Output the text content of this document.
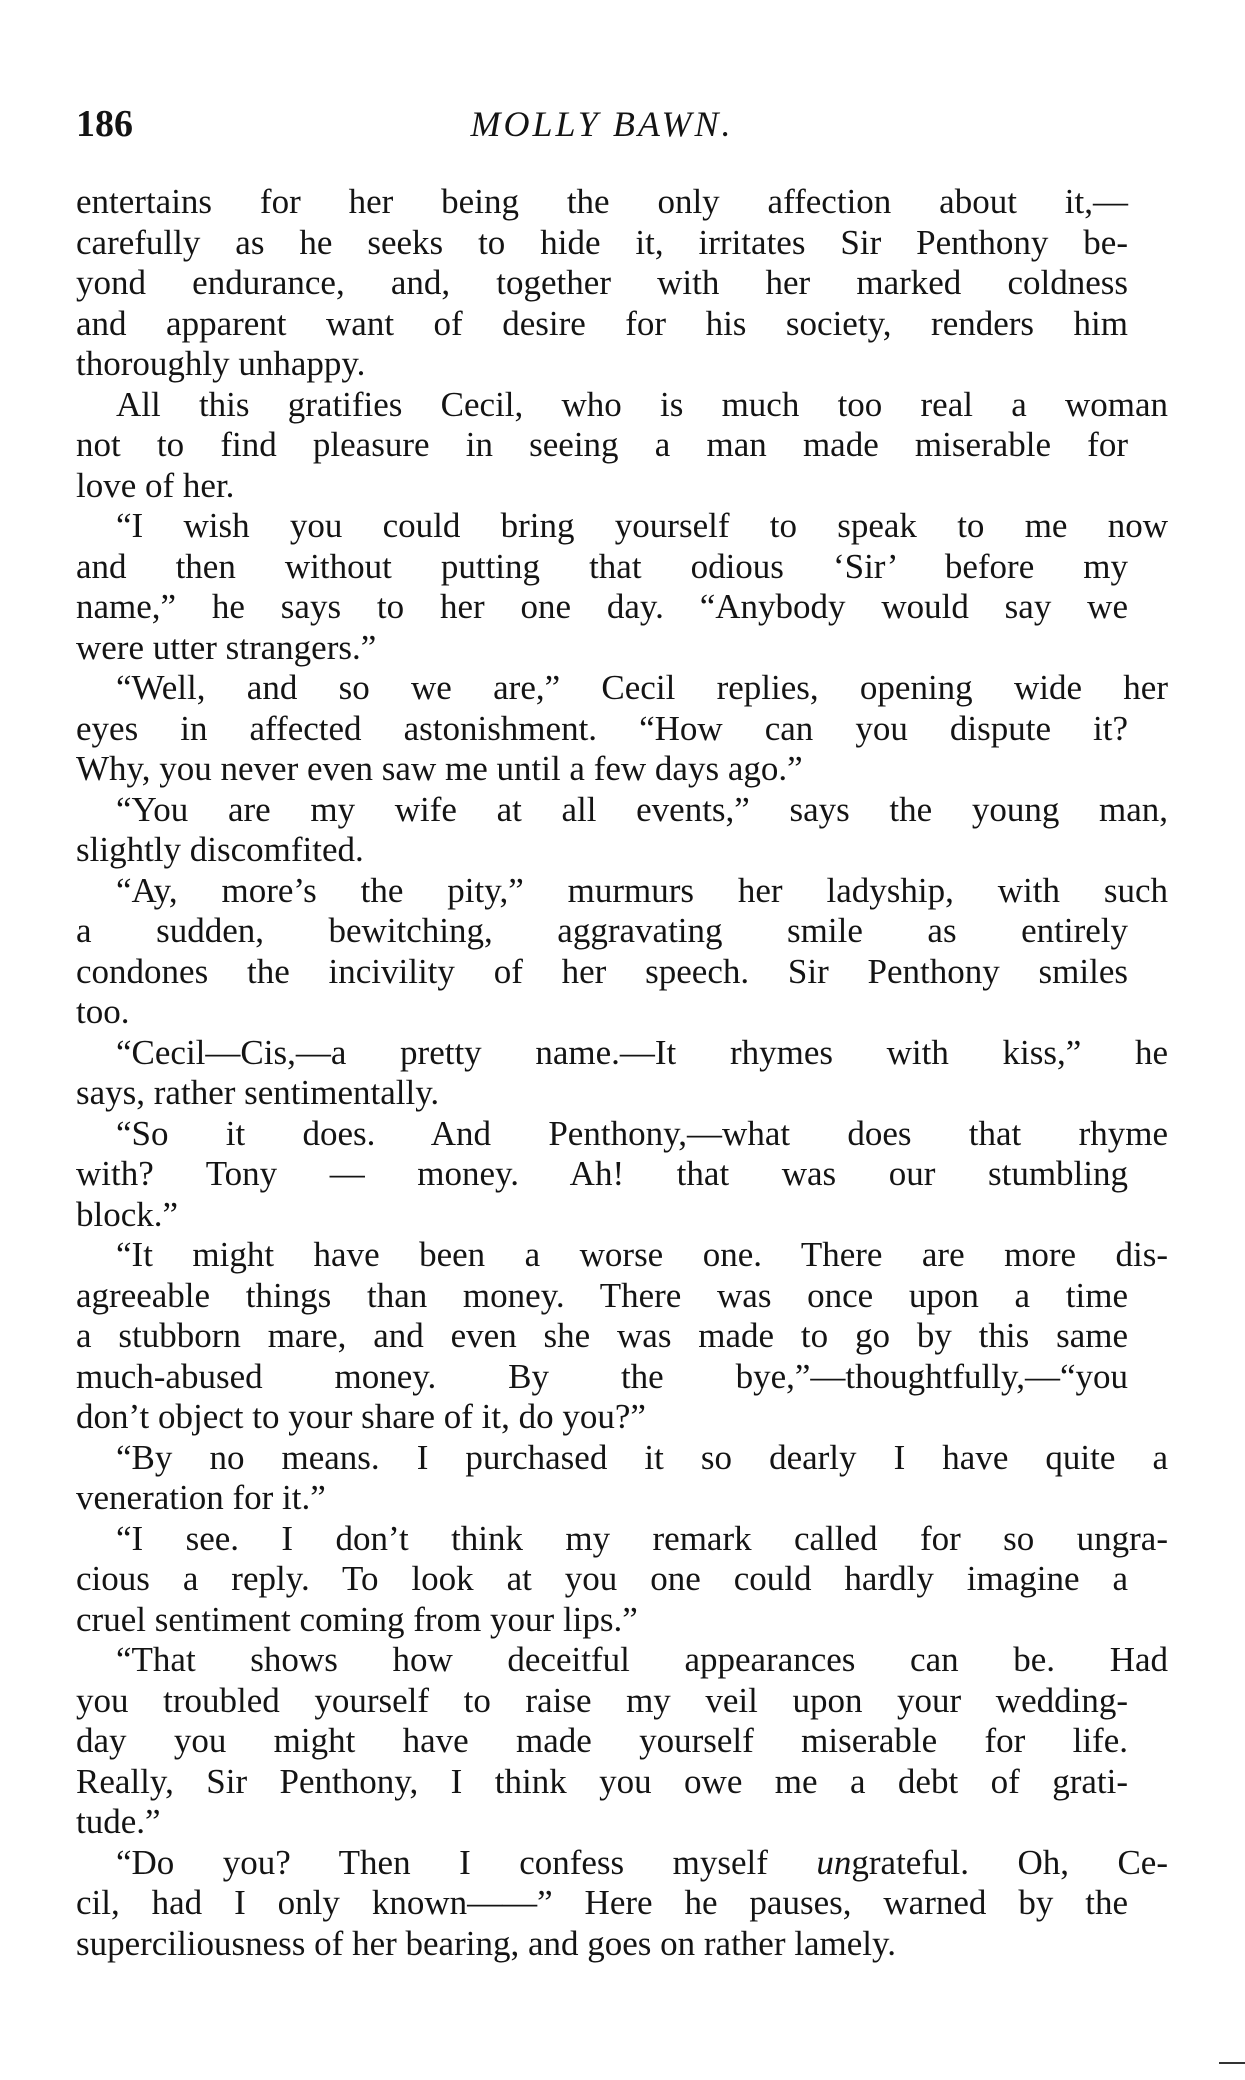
186	MOLLY BAWN.
entertains for her being the only affection about it,—
carefully as he seeks to hide it, irritates Sir Penthony be-
yond endurance, and, together with her marked coldness
and apparent want of desire for his society, renders him
thoroughly unhappy.
All this gratifies Cecil, who is much too real a woman
not to find pleasure in seeing a man made miserable for
love of her.
“I wish you could bring yourself to speak to me now
and then without putting that odious ‘Sir’ before my
name,” he says to her one day. “Anybody would say we
were utter strangers.”
“Well, and so we are,” Cecil replies, opening wide her
eyes in affected astonishment. “How can you dispute it?
Why, you never even saw me until a few days ago.”
“You are my wife at all events,” says the young man,
slightly discomfited.
“Ay, more’s the pity,” murmurs her ladyship, with such
a sudden, bewitching, aggravating smile as entirely
condones the incivility of her speech. Sir Penthony smiles
too.
“Cecil—Cis,—a pretty name.—It rhymes with kiss,” he
says, rather sentimentally.
“So it does. And Penthony,—what does that rhyme
with? Tony — money. Ah! that was our stumbling
block.”
“It might have been a worse one. There are more dis-
agreeable things than money. There was once upon a time
a stubborn mare, and even she was made to go by this same
much-abused money. By the bye,”—thoughtfully,—“you
don’t object to your share of it, do you?”
“By no means. I purchased it so dearly I have quite a
veneration for it.”
“I see. I don’t think my remark called for so ungra-
cious a reply. To look at you one could hardly imagine a
cruel sentiment coming from your lips.”
“That shows how deceitful appearances can be. Had
you troubled yourself to raise my veil upon your wedding-
day you might have made yourself miserable for life.
Really, Sir Penthony, I think you owe me a debt of grati-
tude.”
“Do you? Then I confess myself ungrateful. Oh, Ce-
cil, had I only known——” Here he pauses, warned by the
superciliousness of her bearing, and goes on rather lamely.
